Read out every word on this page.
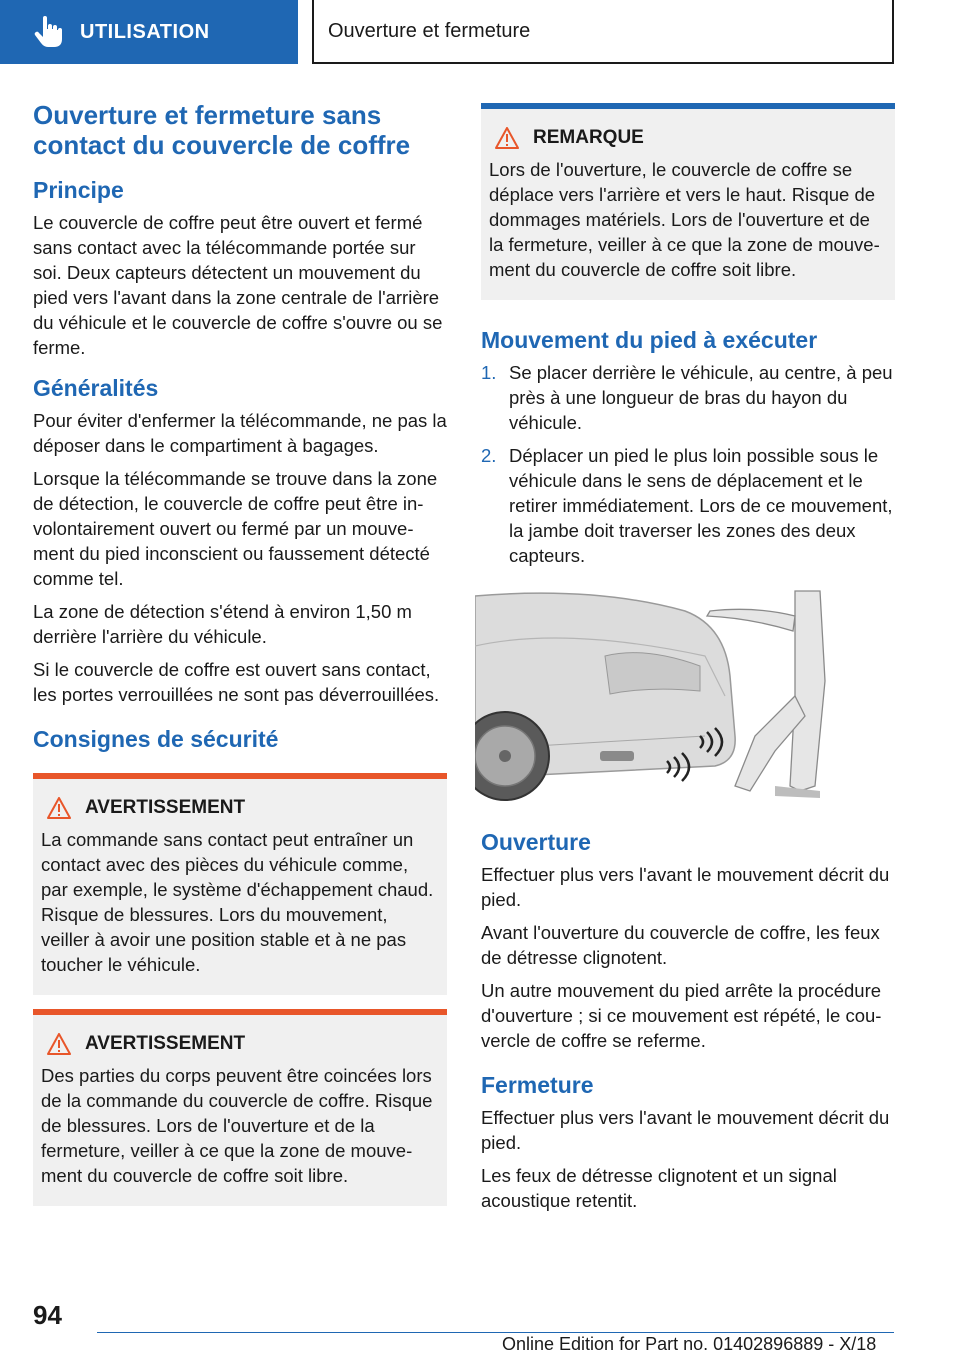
UTILISATION	Ouverture et fermeture
Ouverture et fermeture sans contact du couvercle de coffre
Principe

Le couvercle de coffre peut être ouvert et fermé sans contact avec la télécommande portée sur soi. Deux capteurs détectent un mouvement du pied vers l'avant dans la zone centrale de l'arrière du véhicule et le couvercle de coffre s'ouvre ou se ferme.

Généralités

Pour éviter d'enfermer la télécommande, ne pas la déposer dans le compartiment à bagages.

Lorsque la télécommande se trouve dans la zone de détection, le couvercle de coffre peut être involontairement ouvert ou fermé par un mouvement du pied inconscient ou faussement détecté comme tel.

La zone de détection s'étend à environ 1,50 m derrière l'arrière du véhicule.

Si le couvercle de coffre est ouvert sans contact, les portes verrouillées ne sont pas déverrouillées.

Consignes de sécurité
AVERTISSEMENT

La commande sans contact peut entraîner un contact avec des pièces du véhicule comme, par exemple, le système d'échappement chaud. Risque de blessures. Lors du mouvement, veiller à avoir une position stable et à ne pas toucher le véhicule.

AVERTISSEMENT

Des parties du corps peuvent être coincées lors de la commande du couvercle de coffre. Risque de blessures. Lors de l'ouverture et de la fermeture, veiller à ce que la zone de mouvement du couvercle de coffre soit libre.

REMARQUE

Lors de l'ouverture, le couvercle de coffre se déplace vers l'arrière et vers le haut. Risque de dommages matériels. Lors de l'ouverture et de la fermeture, veiller à ce que la zone de mouvement du couvercle de coffre soit libre.

Mouvement du pied à exécuter
1. Se placer derrière le véhicule, au centre, à peu près à une longueur de bras du hayon du véhicule.
2. Déplacer un pied le plus loin possible sous le véhicule dans le sens de déplacement et le retirer immédiatement. Lors de ce mouvement, la jambe doit traverser les zones des deux capteurs.
Ouverture

Effectuer plus vers l'avant le mouvement décrit du pied.

Avant l'ouverture du couvercle de coffre, les feux de détresse clignotent.

Un autre mouvement du pied arrête la procédure d'ouverture ; si ce mouvement est répété, le couvercle de coffre se referme.

Fermeture

Effectuer plus vers l'avant le mouvement décrit du pied.

Les feux de détresse clignotent et un signal acoustique retentit.

94
Online Edition for Part no. 01402896889 - X/18
